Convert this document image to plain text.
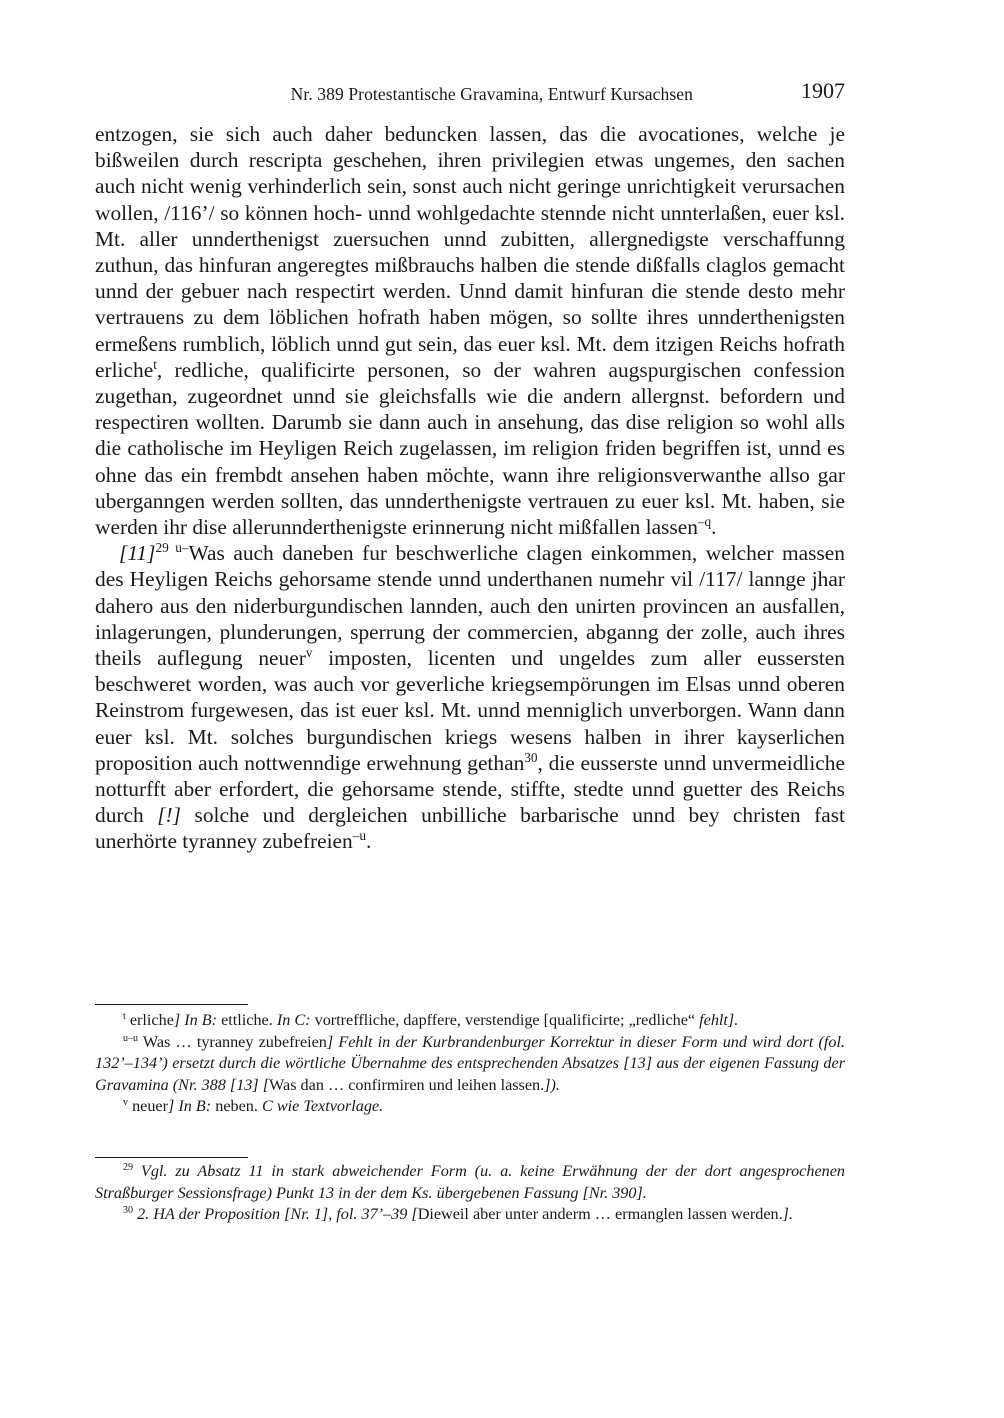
Nr. 389 Protestantische Gravamina, Entwurf Kursachsen	1907

entzogen, sie sich auch daher beduncken lassen, das die avocationes, welche je bißweilen durch rescripta geschehen, ihren privilegien etwas ungemes, den sachen auch nicht wenig verhinderlich sein, sonst auch nicht geringe unrichtigkeit verursachen wollen, /116’/ so können hoch- unnd wohlgedachte stennde nicht unnterlaßen, euer ksl. Mt. aller unnderthenigst zuersuchen unnd zubitten, allergnedigste verschaffunng zuthun, das hinfuran angeregtes mißbrauchs halben die stende dißfalls claglos gemacht unnd der gebuer nach respectirt werden. Unnd damit hinfuran die stende desto mehr vertrauens zu dem löblichen hofrath haben mögen, so sollte ihres unnderthenigsten ermeßens rumblich, löblich unnd gut sein, das euer ksl. Mt. dem itzigen Reichs hofrath erliche$^t$, redliche, qualificirte personen, so der wahren augspurgischen confession zugethan, zugeordnet unnd sie gleichsfalls wie die andern allergnst. befordern und respectiren wollten. Darumb sie dann auch in ansehung, das dise religion so wohl alls die catholische im Heyligen Reich zugelassen, im religion friden begriffen ist, unnd es ohne das ein frembdt ansehen haben möchte, wann ihre religionsverwanthe allso gar uberganngen werden sollten, das unnderthenigste vertrauen zu euer ksl. Mt. haben, sie werden ihr dise allerunnderthenigste erinnerung nicht mißfallen lassen$^{-q}$.

$[11]^{29}$ $^{u-}$Was auch daneben fur beschwerliche clagen einkommen, welcher massen des Heyligen Reichs gehorsame stende unnd underthanen numehr vil /117/ lannge jhar dahero aus den niderburgundischen lannden, auch den unirten provincen an ausfallen, inlagerungen, plunderungen, sperrung der commercien, abganng der zolle, auch ihres theils auflegung neuer$^v$ imposten, licenten und ungeldes zum aller eussersten beschweret worden, was auch vor geverliche kriegsempörungen im Elsas unnd oberen Reinstrom furgewesen, das ist euer ksl. Mt. unnd menniglich unverborgen. Wann dann euer ksl. Mt. solches burgundischen kriegs wesens halben in ihrer kayserlichen proposition auch nottwenndige erwehnung gethan$^{30}$, die eusserste unnd unvermeidliche notturfft aber erfordert, die gehorsame stende, stiffte, stedte unnd guetter des Reichs durch [!] solche und dergleichen unbilliche barbarische unnd bey christen fast unerhörte tyranney zubefreien$^{-u}$.

$^t$ erliche] In B: ettliche. In C: vortreffliche, dapffere, verstendige [qualificirte; „redliche“ fehlt].

$^{u-u}$ Was … tyranney zubefreien] Fehlt in der Kurbrandenburger Korrektur in dieser Form und wird dort (fol. 132’–134’) ersetzt durch die wörtliche Übernahme des entsprechenden Absatzes [13] aus der eigenen Fassung der Gravamina (Nr. 388 [13] [Was dan … confirmiren und leihen lassen.]).

$^v$ neuer] In B: neben. C wie Textvorlage.

$^{29}$ Vgl. zu Absatz 11 in stark abweichender Form (u. a. keine Erwähnung der der dort angesprochenen Straßburger Sessionsfrage) Punkt 13 in der dem Ks. übergebenen Fassung [Nr. 390].

$^{30}$ 2. HA der Proposition [Nr. 1], fol. 37’–39 [Dieweil aber unter anderm … ermanglen lassen werden.].
